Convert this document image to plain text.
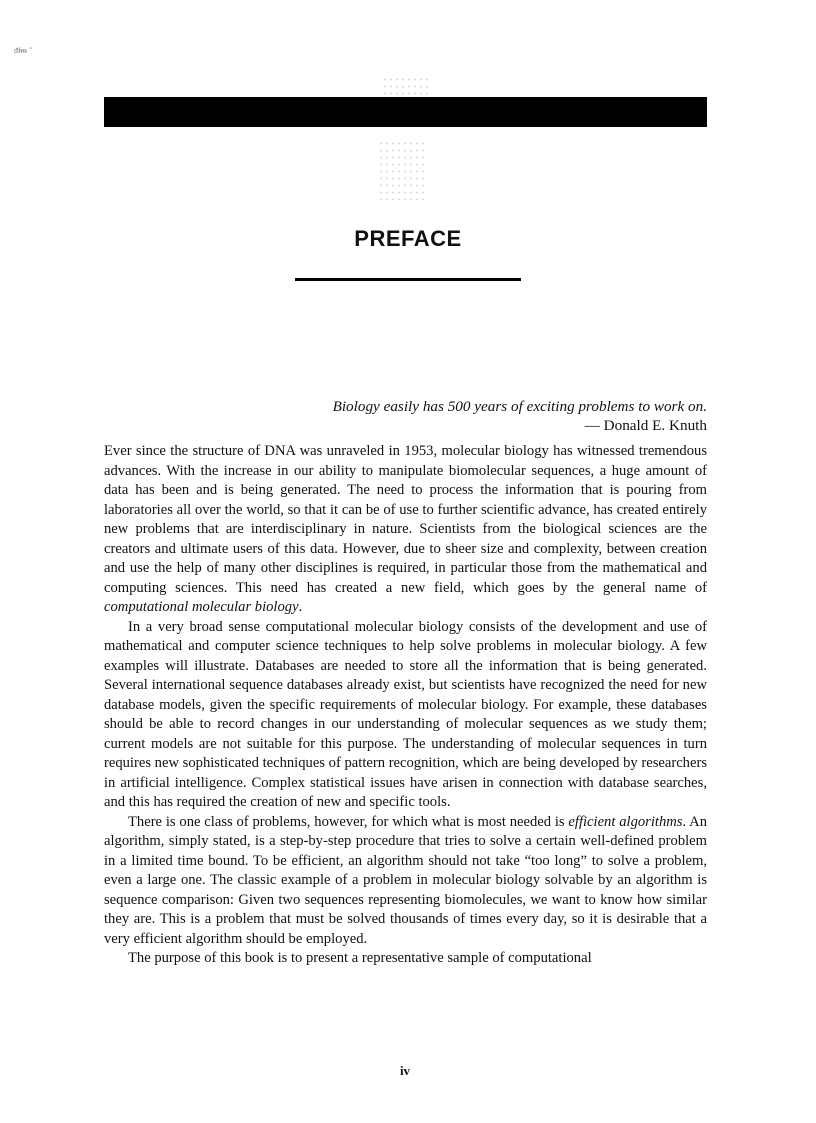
ᵭᵮᵯ ˜
PREFACE
Biology easily has 500 years of exciting problems to work on.
— Donald E. Knuth

Ever since the structure of DNA was unraveled in 1953, molecular biology has witnessed tremendous advances. With the increase in our ability to manipulate biomolecular sequences, a huge amount of data has been and is being generated. The need to process the information that is pouring from laboratories all over the world, so that it can be of use to further scientific advance, has created entirely new problems that are interdisciplinary in nature. Scientists from the biological sciences are the creators and ultimate users of this data. However, due to sheer size and complexity, between creation and use the help of many other disciplines is required, in particular those from the mathematical and computing sciences. This need has created a new field, which goes by the general name of computational molecular biology.

In a very broad sense computational molecular biology consists of the development and use of mathematical and computer science techniques to help solve problems in molecular biology. A few examples will illustrate. Databases are needed to store all the information that is being generated. Several international sequence databases already exist, but scientists have recognized the need for new database models, given the specific requirements of molecular biology. For example, these databases should be able to record changes in our understanding of molecular sequences as we study them; current models are not suitable for this purpose. The understanding of molecular sequences in turn requires new sophisticated techniques of pattern recognition, which are being developed by researchers in artificial intelligence. Complex statistical issues have arisen in connection with database searches, and this has required the creation of new and specific tools.

There is one class of problems, however, for which what is most needed is efficient algorithms. An algorithm, simply stated, is a step-by-step procedure that tries to solve a certain well-defined problem in a limited time bound. To be efficient, an algorithm should not take “too long” to solve a problem, even a large one. The classic example of a problem in molecular biology solvable by an algorithm is sequence comparison: Given two sequences representing biomolecules, we want to know how similar they are. This is a problem that must be solved thousands of times every day, so it is desirable that a very efficient algorithm should be employed.

The purpose of this book is to present a representative sample of computational

iv
